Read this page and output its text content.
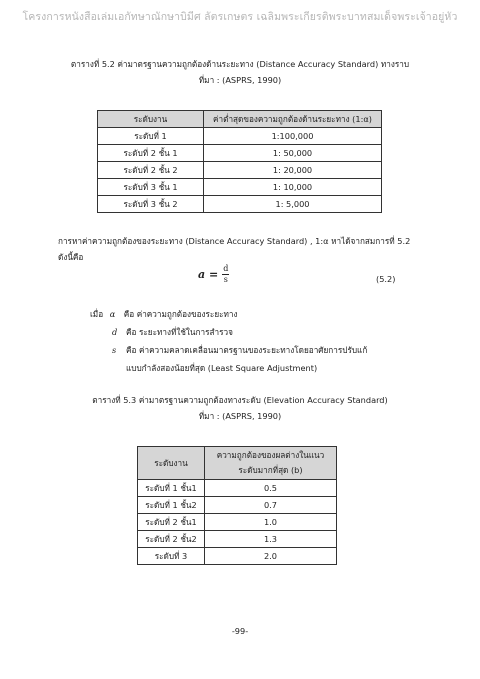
โครงการหนังสือเล่มเอกัทษาณักษาบิมีศ ลัตรเกษตร เฉลิมพระเกียรติพระบาทสมเด็จพระเจ้าอยู่หัว
ตารางที่ 5.2 ค่ามาตรฐานความถูกต้องด้านระยะทาง (Distance Accuracy Standard) ทางราบ
ที่มา : (ASPRS, 1990)
ระดับงาน	ค่าต่ำสุดของความถูกต้องด้านระยะทาง (1:α)
ระดับที่ 1	1:100,000
ระดับที่ 2 ชั้น 1	1: 50,000
ระดับที่ 2 ชั้น 2	1: 20,000
ระดับที่ 3 ชั้น 1	1: 10,000
ระดับที่ 3 ชั้น 2	1: 5,000
การหาค่าความถูกต้องของระยะทาง (Distance Accuracy Standard) , 1:α หาได้จากสมการที่ 5.2
ดังนี้คือ
$a = \frac{d}{s}$	(5.2)
เมื่อ α คือ ค่าความถูกต้องของระยะทาง
d คือ ระยะทางที่ใช้ในการสำรวจ
s คือ ค่าความคลาดเคลื่อนมาตรฐานของระยะทางโดยอาศัยการปรับแก้
แบบกำลังสองน้อยที่สุด (Least Square Adjustment)
ตารางที่ 5.3 ค่ามาตรฐานความถูกต้องทางระดับ (Elevation Accuracy Standard)
ที่มา : (ASPRS, 1990)
ระดับงาน	ความถูกต้องของผลต่างในแนว
ระดับมากที่สุด (b)

ระดับที่ 1 ชั้น1	0.5
ระดับที่ 1 ชั้น2	0.7
ระดับที่ 2 ชั้น1	1.0
ระดับที่ 2 ชั้น2	1.3
ระดับที่ 3	2.0
-99-
